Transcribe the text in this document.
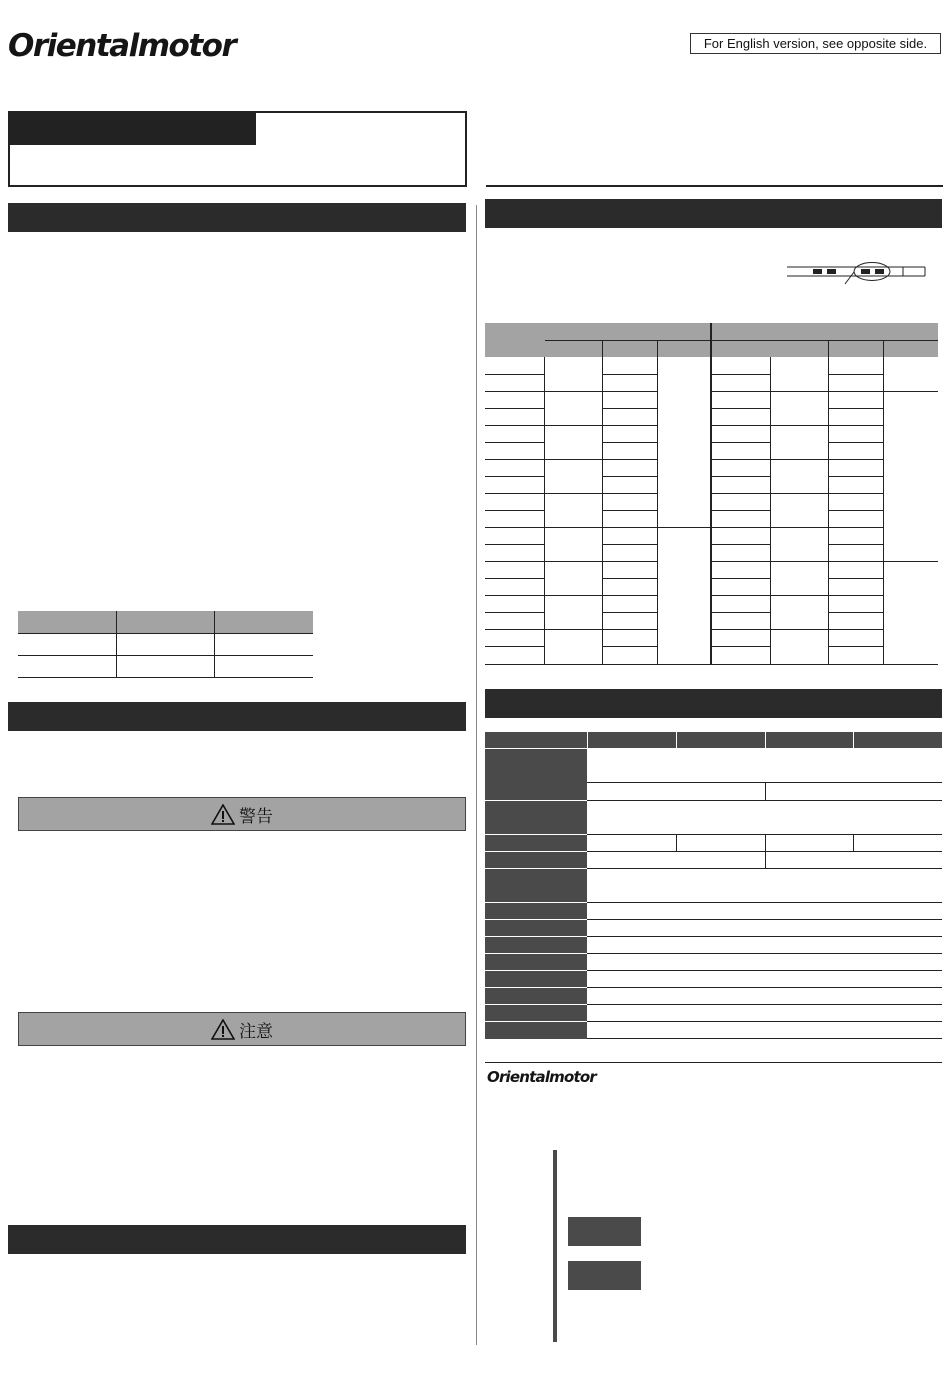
Orientalmotor	For English version, see opposite side.
警告
注意
Orientalmotor
